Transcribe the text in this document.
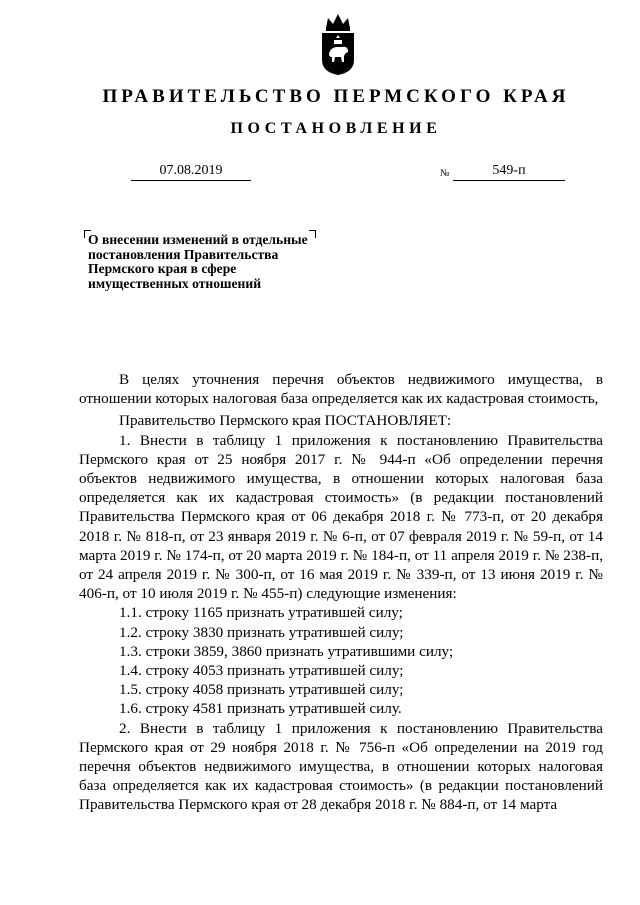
ПРАВИТЕЛЬСТВО ПЕРМСКОГО КРАЯ
ПОСТАНОВЛЕНИЕ
07.08.2019	№	549-п
О внесении изменений в отдельные
постановления Правительства
Пермского края в сфере
имущественных отношений

В целях уточнения перечня объектов недвижимого имущества, в отношении которых налоговая база определяется как их кадастровая стоимость,

Правительство Пермского края ПОСТАНОВЛЯЕТ:

1. Внести в таблицу 1 приложения к постановлению Правительства Пермского края от 25 ноября 2017 г. № 944-п «Об определении перечня объектов недвижимого имущества, в отношении которых налоговая база определяется как их кадастровая стоимость» (в редакции постановлений Правительства Пермского края от 06 декабря 2018 г. № 773-п, от 20 декабря 2018 г. № 818-п, от 23 января 2019 г. № 6-п, от 07 февраля 2019 г. № 59-п, от 14 марта 2019 г. № 174-п, от 20 марта 2019 г. № 184-п, от 11 апреля 2019 г. № 238-п, от 24 апреля 2019 г. № 300-п, от 16 мая 2019 г. № 339-п, от 13 июня 2019 г. № 406-п, от 10 июля 2019 г. № 455-п) следующие изменения:

1.1. строку 1165 признать утратившей силу;

1.2. строку 3830 признать утратившей силу;

1.3. строки 3859, 3860 признать утратившими силу;

1.4. строку 4053 признать утратившей силу;

1.5. строку 4058 признать утратившей силу;

1.6. строку 4581 признать утратившей силу.

2. Внести в таблицу 1 приложения к постановлению Правительства Пермского края от 29 ноября 2018 г. № 756-п «Об определении на 2019 год перечня объектов недвижимого имущества, в отношении которых налоговая база определяется как их кадастровая стоимость» (в редакции постановлений Правительства Пермского края от 28 декабря 2018 г. № 884-п, от 14 марта
